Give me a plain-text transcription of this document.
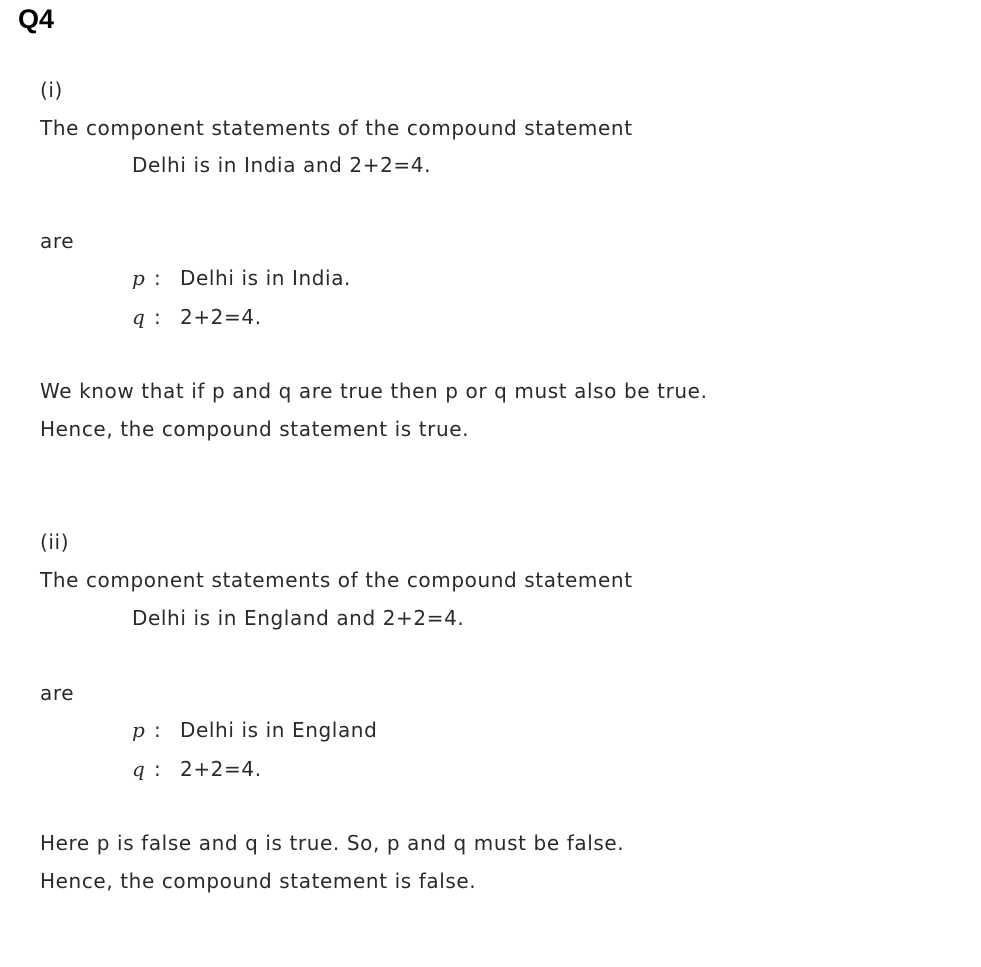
Q4
(i)
The component statements of the compound statement
Delhi is in India and 2+2=4.
are
p : Delhi is in India.
q : 2+2=4.
We know that if p and q are true then p or q must also be true.
Hence, the compound statement is true.
(ii)
The component statements of the compound statement
Delhi is in England and 2+2=4.
are
p : Delhi is in England
q : 2+2=4.
Here p is false and q is true. So, p and q must be false.
Hence, the compound statement is false.
